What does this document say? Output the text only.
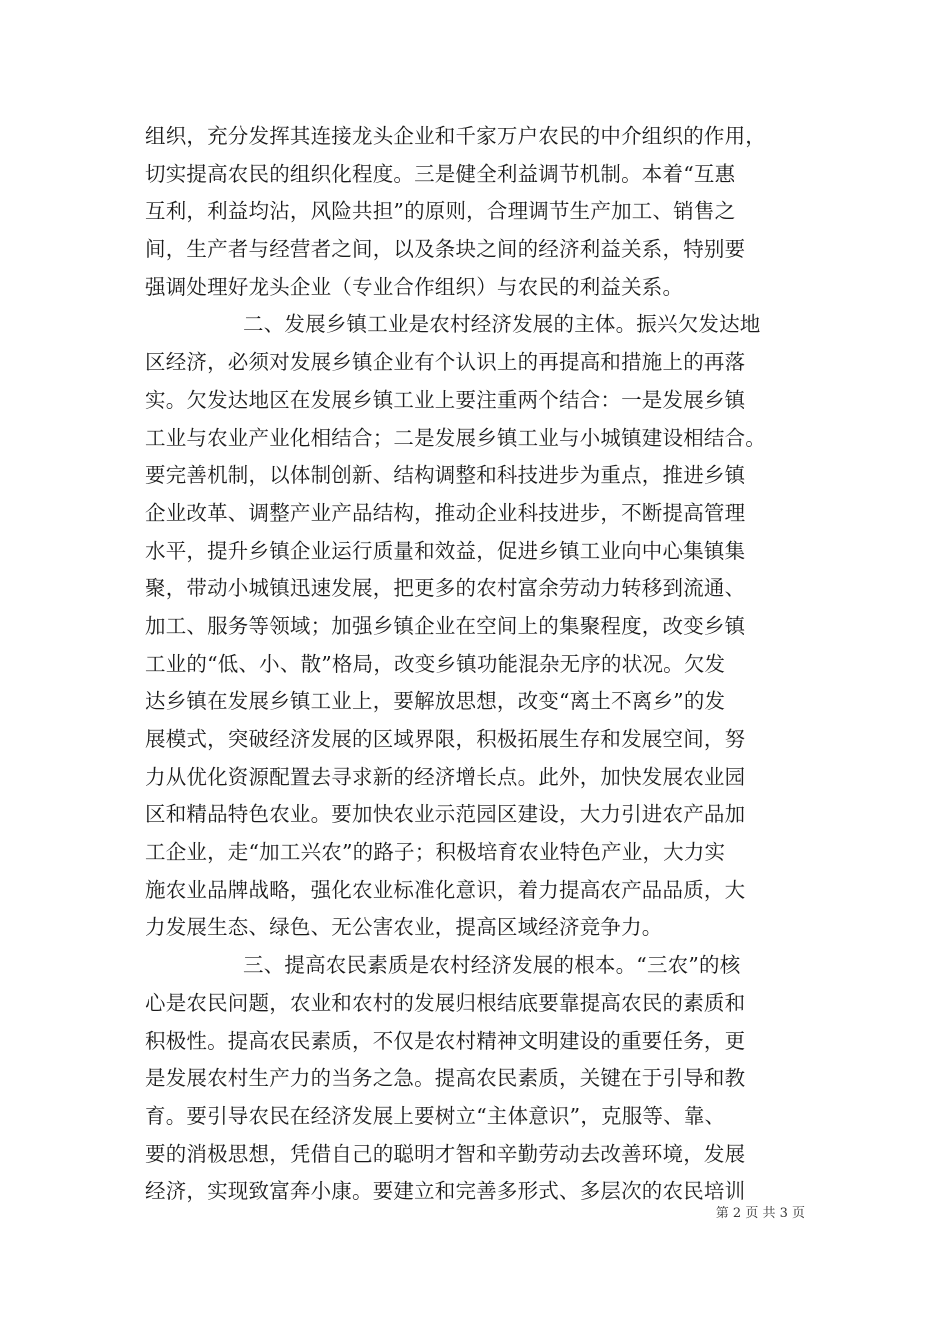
组织，充分发挥其连接龙头企业和千家万户农民的中介组织的作用，
切实提高农民的组织化程度。三是健全利益调节机制。本着“互惠
互利，利益均沾，风险共担”的原则，合理调节生产加工、销售之
间，生产者与经营者之间，以及条块之间的经济利益关系，特别要
强调处理好龙头企业（专业合作组织）与农民的利益关系。
二、发展乡镇工业是农村经济发展的主体。振兴欠发达地
区经济，必须对发展乡镇企业有个认识上的再提高和措施上的再落
实。欠发达地区在发展乡镇工业上要注重两个结合：一是发展乡镇
工业与农业产业化相结合；二是发展乡镇工业与小城镇建设相结合。
要完善机制，以体制创新、结构调整和科技进步为重点，推进乡镇
企业改革、调整产业产品结构，推动企业科技进步，不断提高管理
水平，提升乡镇企业运行质量和效益，促进乡镇工业向中心集镇集
聚，带动小城镇迅速发展，把更多的农村富余劳动力转移到流通、
加工、服务等领域；加强乡镇企业在空间上的集聚程度，改变乡镇
工业的“低、小、散”格局，改变乡镇功能混杂无序的状况。欠发
达乡镇在发展乡镇工业上，要解放思想，改变“离土不离乡”的发
展模式，突破经济发展的区域界限，积极拓展生存和发展空间，努
力从优化资源配置去寻求新的经济增长点。此外，加快发展农业园
区和精品特色农业。要加快农业示范园区建设，大力引进农产品加
工企业，走“加工兴农”的路子；积极培育农业特色产业，大力实
施农业品牌战略，强化农业标准化意识，着力提高农产品品质，大
力发展生态、绿色、无公害农业，提高区域经济竞争力。
三、提高农民素质是农村经济发展的根本。“三农”的核
心是农民问题，农业和农村的发展归根结底要靠提高农民的素质和
积极性。提高农民素质，不仅是农村精神文明建设的重要任务，更
是发展农村生产力的当务之急。提高农民素质，关键在于引导和教
育。要引导农民在经济发展上要树立“主体意识”，克服等、靠、
要的消极思想，凭借自己的聪明才智和辛勤劳动去改善环境，发展
经济，实现致富奔小康。要建立和完善多形式、多层次的农民培训
第 2 页 共 3 页
